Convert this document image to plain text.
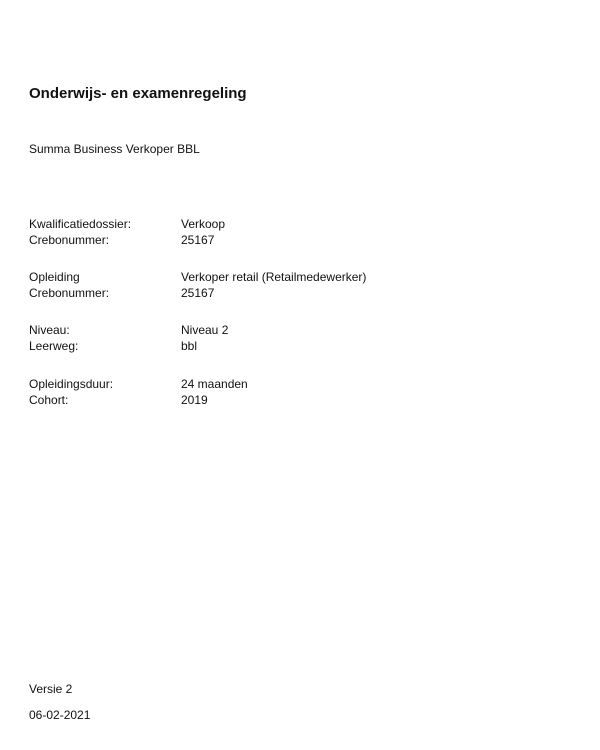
Onderwijs- en examenregeling
Summa Business Verkoper BBL
Kwalificatiedossier:	Verkoop
Crebonummer:	25167
Opleiding	Verkoper retail (Retailmedewerker)
Crebonummer:	25167
Niveau:	Niveau 2
Leerweg:	bbl
Opleidingsduur:	24 maanden
Cohort:	2019
Versie 2
06-02-2021
